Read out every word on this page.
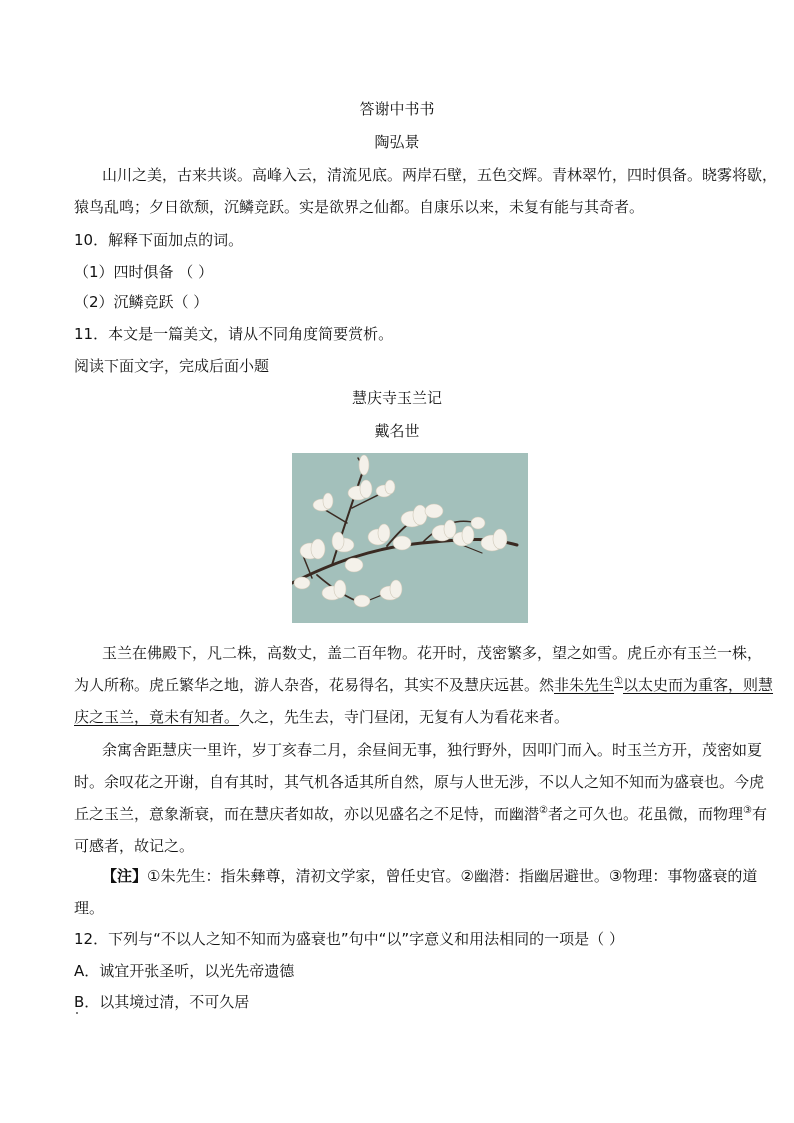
答谢中书书
陶弘景
山川之美，古来共谈。高峰入云，清流见底。两岸石壁，五色交辉。青林翠竹，四时俱备。晓雾将歇，
猿鸟乱鸣；夕日欲颓，沉鳞竞跃。实是欲界之仙都。自康乐以来，未复有能与其奇者。
10．解释下面加点的词。
（1）四时俱备 （ ）
（2）沉鳞竞跃（ ）
11．本文是一篇美文，请从不同角度简要赏析。
阅读下面文字，完成后面小题
慧庆寺玉兰记
戴名世
玉兰在佛殿下，凡二株，高数丈，盖二百年物。花开时，茂密繁多，望之如雪。虎丘亦有玉兰一株，
为人所称。虎丘繁华之地，游人杂沓，花易得名，其实不及慧庆远甚。然非朱先生①以太史而为重客，则慧
庆之玉兰，竟未有知者。久之，先生去，寺门昼闭，无复有人为看花来者。
余寓舍距慧庆一里许，岁丁亥春二月，余昼间无事，独行野外，因叩门而入。时玉兰方开，茂密如夏
时。余叹花之开谢，自有其时，其气机各适其所自然，原与人世无涉，不以人之知不知而为盛衰也。今虎
丘之玉兰，意象渐衰，而在慧庆者如故，亦以见盛名之不足恃，而幽潜②者之可久也。花虽微，而物理③有
可感者，故记之。
【注】①朱先生：指朱彝尊，清初文学家，曾任史官。②幽潜：指幽居避世。③物理：事物盛衰的道
理。
12．下列与“不以人之知不知而为盛衰也”句中“以”字意义和用法相同的一项是（ ）
A．诚宜开张圣听，以光先帝遗德
B．以其境过清，不可久居
